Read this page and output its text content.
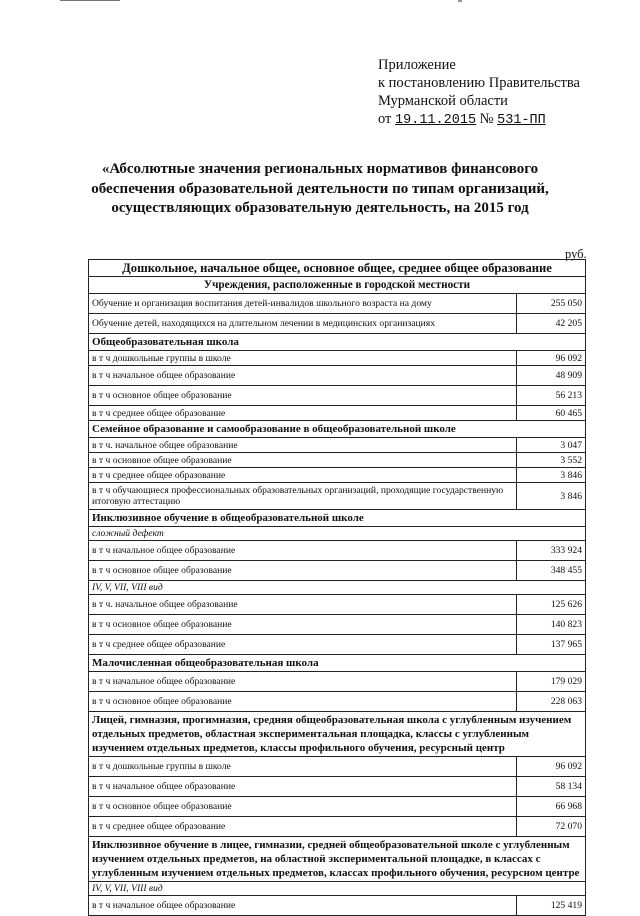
Приложение
к постановлению Правительства
Мурманской области
от 19.11.2015 № 531-ПП
«Абсолютные значения региональных нормативов финансового обеспечения образовательной деятельности по типам организаций, осуществляющих образовательную деятельность, на 2015 год
руб.
Дошкольное, начальное общее, основное общее, среднее общее образование	
Учреждения, расположенные в городской местности	
Обучение и организация воспитания детей-инвалидов школьного возраста на дому	255 050
Обучение детей, находящихся на длительном лечении в медицинских организациях	42 205
Общеобразовательная школа	
в т ч дошкольные группы в школе	96 092
в т ч начальное общее образование	48 909
в т ч основное общее образование	56 213
в т ч среднее общее образование	60 465
Семейное образование и самообразование в общеобразовательной школе	
в т ч. начальное общее образование	3 047
в т ч основное общее образование	3 552
в т ч среднее общее образование	3 846
в т ч обучающиеся профессиональных образовательных организаций, проходящие государственную итоговую аттестацию	3 846
Инклюзивное обучение в общеобразовательной школе	
сложный дефект	
в т ч начальное общее образование	333 924
в т ч основное общее образование	348 455
IV, V, VII, VIII вид	
в т ч. начальное общее образование	125 626
в т ч основное общее образование	140 823
в т ч среднее общее образование	137 965
Малочисленная общеобразовательная школа	
в т ч начальное общее образование	179 029
в т ч основное общее образование	228 063
Лицей, гимназия, прогимназия, средняя общеобразовательная школа с углубленным изучением отдельных предметов, областная экспериментальная площадка, классы с углубленным изучением отдельных предметов, классы профильного обучения, ресурсный центр	
в т ч дошкольные группы в школе	96 092
в т ч начальное общее образование	58 134
в т ч основное общее образование	66 968
в т ч среднее общее образование	72 070
Инклюзивное обучение в лицее, гимназии, средней общеобразовательной школе с углубленным изучением отдельных предметов, на областной экспериментальной площадке, в классах с углубленным изучением отдельных предметов, классах профильного обучения, ресурсном центре	
IV, V, VII, VIII вид	
в т ч начальное общее образование	125 419
